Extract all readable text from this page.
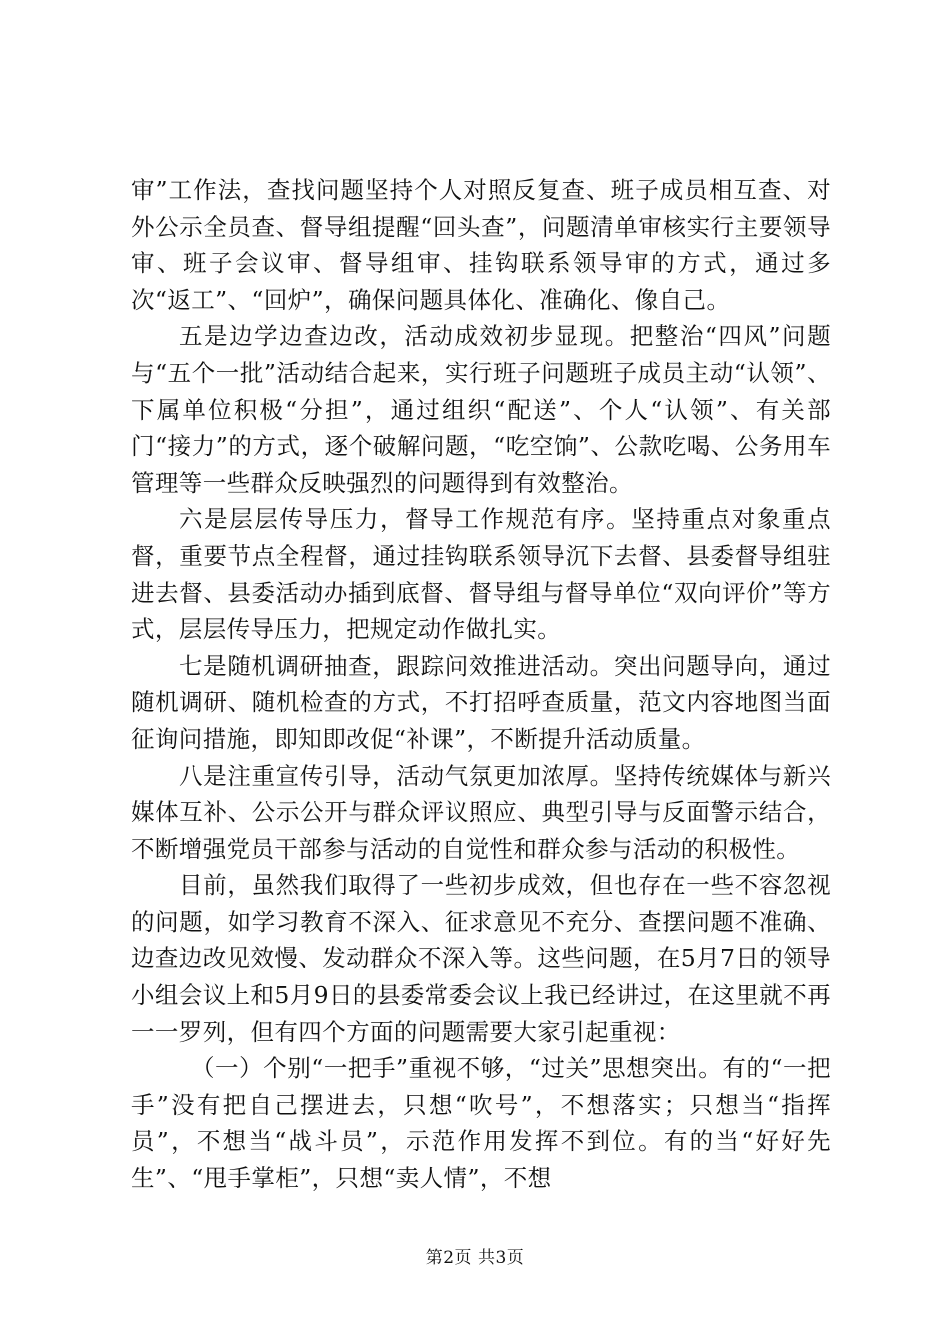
审”工作法，查找问题坚持个人对照反复查、班子成员相互查、对外公示全员查、督导组提醒“回头查”，问题清单审核实行主要领导审、班子会议审、督导组审、挂钩联系领导审的方式，通过多次“返工”、“回炉”，确保问题具体化、准确化、像自己。

五是边学边查边改，活动成效初步显现。把整治“四风”问题与“五个一批”活动结合起来，实行班子问题班子成员主动“认领”、下属单位积极“分担”，通过组织“配送”、个人“认领”、有关部门“接力”的方式，逐个破解问题，“吃空饷”、公款吃喝、公务用车管理等一些群众反映强烈的问题得到有效整治。

六是层层传导压力，督导工作规范有序。坚持重点对象重点督，重要节点全程督，通过挂钩联系领导沉下去督、县委督导组驻进去督、县委活动办插到底督、督导组与督导单位“双向评价”等方式，层层传导压力，把规定动作做扎实。

七是随机调研抽查，跟踪问效推进活动。突出问题导向，通过随机调研、随机检查的方式，不打招呼查质量，范文内容地图当面征询问措施，即知即改促“补课”，不断提升活动质量。

八是注重宣传引导，活动气氛更加浓厚。坚持传统媒体与新兴媒体互补、公示公开与群众评议照应、典型引导与反面警示结合，不断增强党员干部参与活动的自觉性和群众参与活动的积极性。

目前，虽然我们取得了一些初步成效，但也存在一些不容忽视的问题，如学习教育不深入、征求意见不充分、查摆问题不准确、边查边改见效慢、发动群众不深入等。这些问题，在5月7日的领导小组会议上和5月9日的县委常委会议上我已经讲过，在这里就不再一一罗列，但有四个方面的问题需要大家引起重视：

（一）个别“一把手”重视不够，“过关”思想突出。有的“一把手”没有把自己摆进去，只想“吹号”，不想落实；只想当“指挥员”，不想当“战斗员”，示范作用发挥不到位。有的当“好好先生”、“甩手掌柜”，只想“卖人情”，不想

第2页 共3页
